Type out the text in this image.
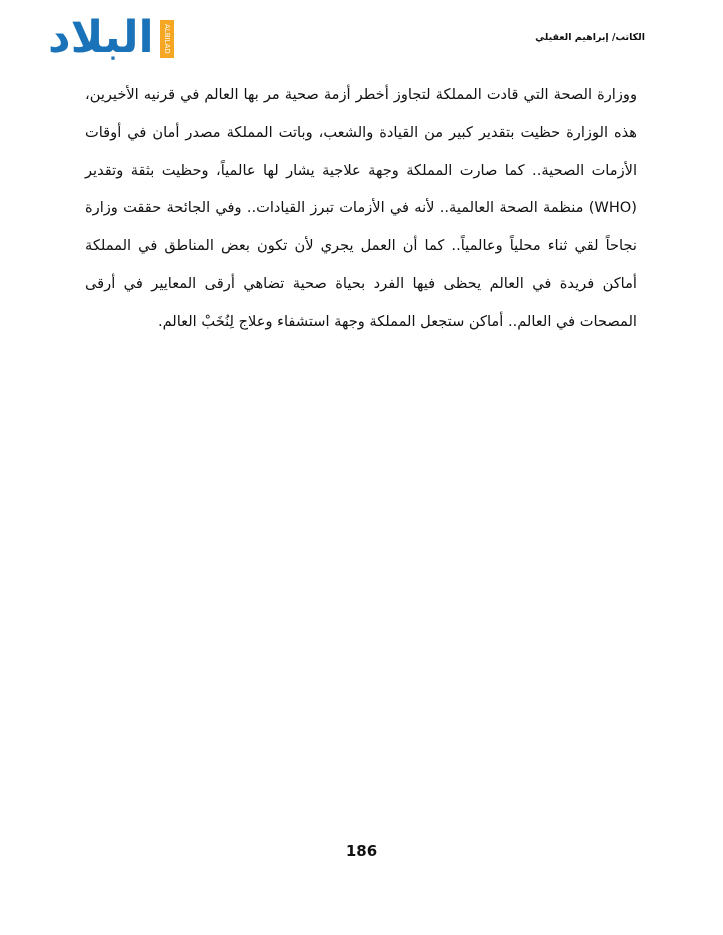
البلاد	ALBILAD	الكاتب/ إبراهيم العقيلي

ووزارة الصحة التي قادت المملكة لتجاوز أخطر أزمة صحية مر بها العالم في قرنيه الأخيرين، هذه الوزارة حظيت بتقدير كبير من القيادة والشعب، وباتت المملكة مصدر أمان في أوقات الأزمات الصحية.. كما صارت المملكة وجهة علاجية يشار لها عالمياً، وحظيت بثقة وتقدير (WHO) منظمة الصحة العالمية.. لأنه في الأزمات تبرز القيادات.. وفي الجائحة حققت وزارة نجاحاً لقي ثناء محلياً وعالمياً.. كما أن العمل يجري لأن تكون بعض المناطق في المملكة أماكن فريدة في العالم يحظى فيها الفرد بحياة صحية تضاهي أرقى المعايير في أرقى المصحات في العالم.. أماكن ستجعل المملكة وجهة استشفاء وعلاج لِنُخَبْ العالم.

186
